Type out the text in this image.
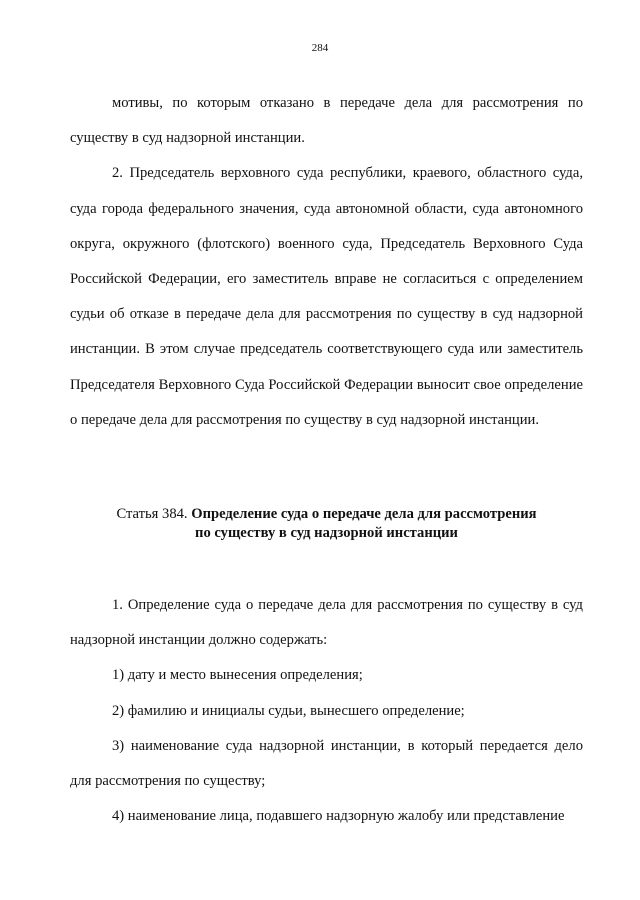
284

мотивы, по которым отказано в передаче дела для рассмотрения по существу в суд надзорной инстанции.

2. Председатель верховного суда республики, краевого, областного суда, суда города федерального значения, суда автономной области, суда автономного округа, окружного (флотского) военного суда, Председатель Верховного Суда Российской Федерации, его заместитель вправе не согласиться с определением судьи об отказе в передаче дела для рассмотрения по существу в суд надзорной инстанции. В этом случае председатель соответствующего суда или заместитель Председателя Верховного Суда Российской Федерации выносит свое определение о передаче дела для рассмотрения по существу в суд надзорной инстанции.

Статья 384. Определение суда о передаче дела для рассмотрения
по существу в суд надзорной инстанции

1. Определение суда о передаче дела для рассмотрения по существу в суд надзорной инстанции должно содержать:

1) дату и место вынесения определения;

2) фамилию и инициалы судьи, вынесшего определение;

3) наименование суда надзорной инстанции, в который передается дело для рассмотрения по существу;

4) наименование лица, подавшего надзорную жалобу или представление
